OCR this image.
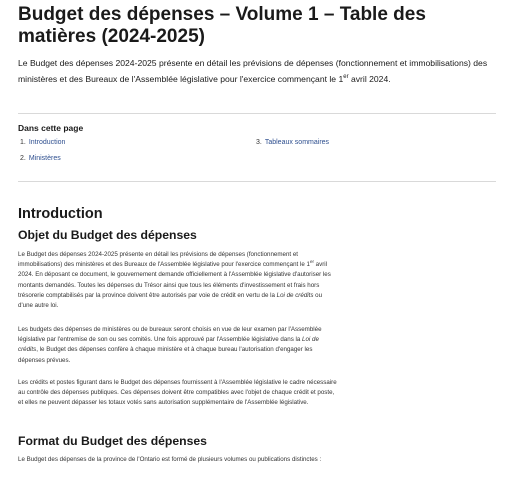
Budget des dépenses – Volume 1 – Table des matières (2024-2025)

Le Budget des dépenses 2024-2025 présente en détail les prévisions de dépenses (fonctionnement et immobilisations) des ministères et des Bureaux de l'Assemblée législative pour l'exercice commençant le 1er avril 2024.

Dans cette page
1. Introduction
2. Ministères
3. Tableaux sommaires
Introduction
Objet du Budget des dépenses

Le Budget des dépenses 2024-2025 présente en détail les prévisions de dépenses (fonctionnement et immobilisations) des ministères et des Bureaux de l'Assemblée législative pour l'exercice commençant le 1er avril 2024. En déposant ce document, le gouvernement demande officiellement à l'Assemblée législative d'autoriser les montants demandés. Toutes les dépenses du Trésor ainsi que tous les éléments d'investissement et frais hors trésorerie comptabilisés par la province doivent être autorisés par voie de crédit en vertu de la Loi de crédits ou d'une autre loi.

Les budgets des dépenses de ministères ou de bureaux seront choisis en vue de leur examen par l'Assemblée législative par l'entremise de son ou ses comités. Une fois approuvé par l'Assemblée législative dans la Loi de crédits, le Budget des dépenses confère à chaque ministère et à chaque bureau l'autorisation d'engager les dépenses prévues.

Les crédits et postes figurant dans le Budget des dépenses fournissent à l'Assemblée législative le cadre nécessaire au contrôle des dépenses publiques. Ces dépenses doivent être compatibles avec l'objet de chaque crédit et poste, et elles ne peuvent dépasser les totaux votés sans autorisation supplémentaire de l'Assemblée législative.

Format du Budget des dépenses

Le Budget des dépenses de la province de l'Ontario est formé de plusieurs volumes ou publications distinctes :
